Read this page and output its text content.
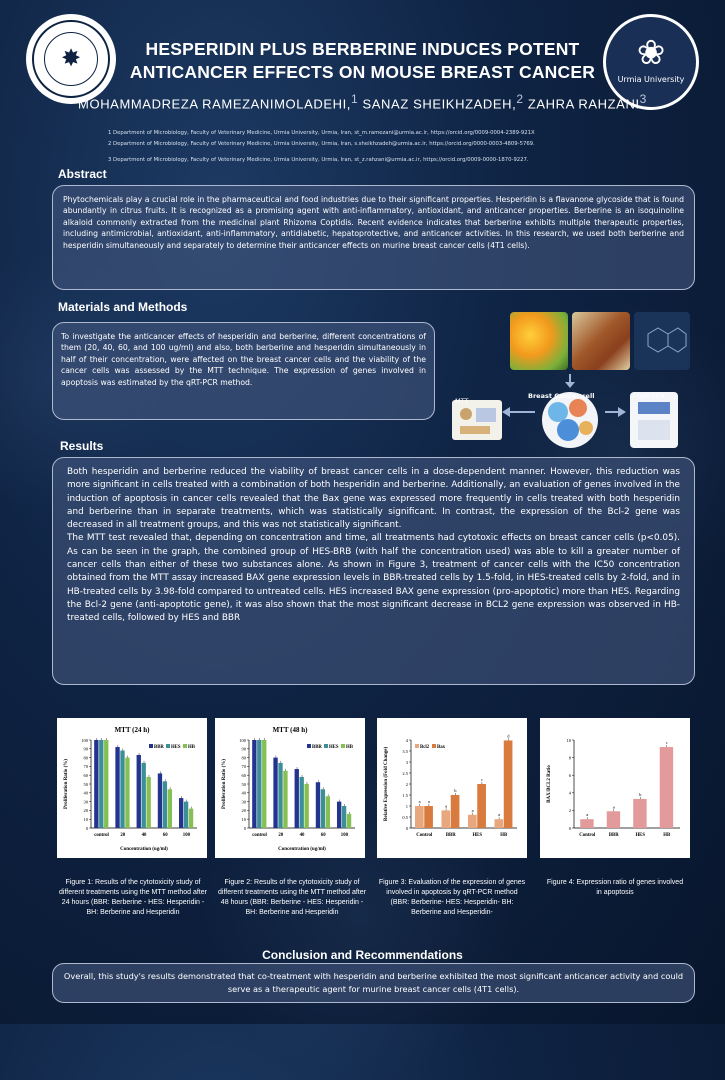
✸	❀
Urmia University
HESPERIDIN PLUS BERBERINE INDUCES POTENT
ANTICANCER EFFECTS ON MOUSE BREAST CANCER
MOHAMMADREZA RAMEZANIMOLADEHI,$^1$ SANAZ SHEIKHZADEH,$^2$ ZAHRA RAHZANI$^3$
1 Department of Microbiology, Faculty of Veterinary Medicine, Urmia University, Urmia, Iran, st_m.ramezani@urmia.ac.ir, https://orcid.org/0009-0004-2389-921X
2 Department of Microbiology, Faculty of Veterinary Medicine, Urmia University, Urmia, Iran, s.sheikhzadeh@urmia.ac.ir, https://orcid.org/0000-0003-4809-5769.
3 Department of Microbiology, Faculty of Veterinary Medicine, Urmia University, Urmia, Iran, st_z.rahzani@urmia.ac.ir, https://orcid.org/0009-0000-1870-9227.
Abstract

Phytochemicals play a crucial role in the pharmaceutical and food industries due to their significant properties. Hesperidin is a flavanone glycoside that is found abundantly in citrus fruits. It is recognized as a promising agent with anti-inflammatory, antioxidant, and anticancer properties. Berberine is an isoquinoline alkaloid commonly extracted from the medicinal plant Rhizoma Coptidis. Recent evidence indicates that berberine exhibits multiple therapeutic properties, including antimicrobial, antioxidant, anti-inflammatory, antidiabetic, hepatoprotective, and anticancer activities. In this research, we used both berberine and hesperidin simultaneously and separately to determine their anticancer effects on murine breast cancer cells (4T1 cells).

Materials and Methods

To investigate the anticancer effects of hesperidin and berberine, different concentrations of them (20, 40, 60, and 100 ug/ml) and also, both berberine and hesperidin simultaneously in half of their concentration, were affected on the breast cancer cells and the viability of the cancer cells was assessed by the MTT technique. The expression of genes involved in apoptosis was estimated by the qRT-PCR method.

MTT
Breast Cancer cell	qRT-PCR
Results

Both hesperidin and berberine reduced the viability of breast cancer cells in a dose-dependent manner. However, this reduction was more significant in cells treated with a combination of both hesperidin and berberine. Additionally, an evaluation of genes involved in the induction of apoptosis in cancer cells revealed that the Bax gene was expressed more frequently in cells treated with both hesperidin and berberine than in separate treatments, which was statistically significant. In contrast, the expression of the Bcl-2 gene was decreased in all treatment groups, and this was not statistically significant.

The MTT test revealed that, depending on concentration and time, all treatments had cytotoxic effects on breast cancer cells (p<0.05). As can be seen in the graph, the combined group of HES-BRB (with half the concentration used) was able to kill a greater number of cancer cells than either of these two substances alone. As shown in Figure 3, treatment of cancer cells with the IC50 concentration obtained from the MTT assay increased BAX gene expression levels in BBR-treated cells by 1.5-fold, in HES-treated cells by 2-fold, and in HB-treated cells by 3.98-fold compared to untreated cells. HES increased BAX gene expression (pro-apoptotic) more than HES. Regarding the Bcl-2 gene (anti-apoptotic gene), it was also shown that the most significant decrease in BCL2 gene expression was observed in HB-treated cells, followed by HES and BBR

MTT (24 h)
0
10
20
30
40
50
60
70
80
90
100
Proliferation Ratio (%)
Concentration (ug/ml)
control 20	40	60	100
BBR HES HB
MTT (48 h)
0
10
20
30
40
50
60
70
80
90
100
Proliferation Ratio (%)
Concentration (ug/ml)
control 20	40	60	100
BBR HES HB
0
0.5
1
1.5
2
2.5
3
3.5
4
Relative Expression (Fold Change)
Control
a a
BBR
a
b
HES
a
c
HB
a
d
Bcl2 Bax
0
2
4
6
8
10
BAX/BCL2 Ratio
Control
a
BBR
a
HES
b
HB
c
Figure 1: Results of the cytotoxicity study of different treatments using the MTT method after 24 hours (BBR: Berberine - HES: Hesperidin - BH: Berberine and Hesperidin
Figure 2: Results of the cytotoxicity study of different treatments using the MTT method after 48 hours (BBR: Berberine - HES: Hesperidin - BH: Berberine and Hesperidin
Figure 3: Evaluation of the expression of genes involved in apoptosis by qRT-PCR method (BBR: Berberine- HES: Hesperidin- BH: Berberine and Hesperidin-
Figure 4: Expression ratio of genes involved in apoptosis
Conclusion and Recommendations

Overall, this study's results demonstrated that co-treatment with hesperidin and berberine exhibited the most significant anticancer activity and could serve as a therapeutic agent for murine breast cancer cells (4T1 cells).
